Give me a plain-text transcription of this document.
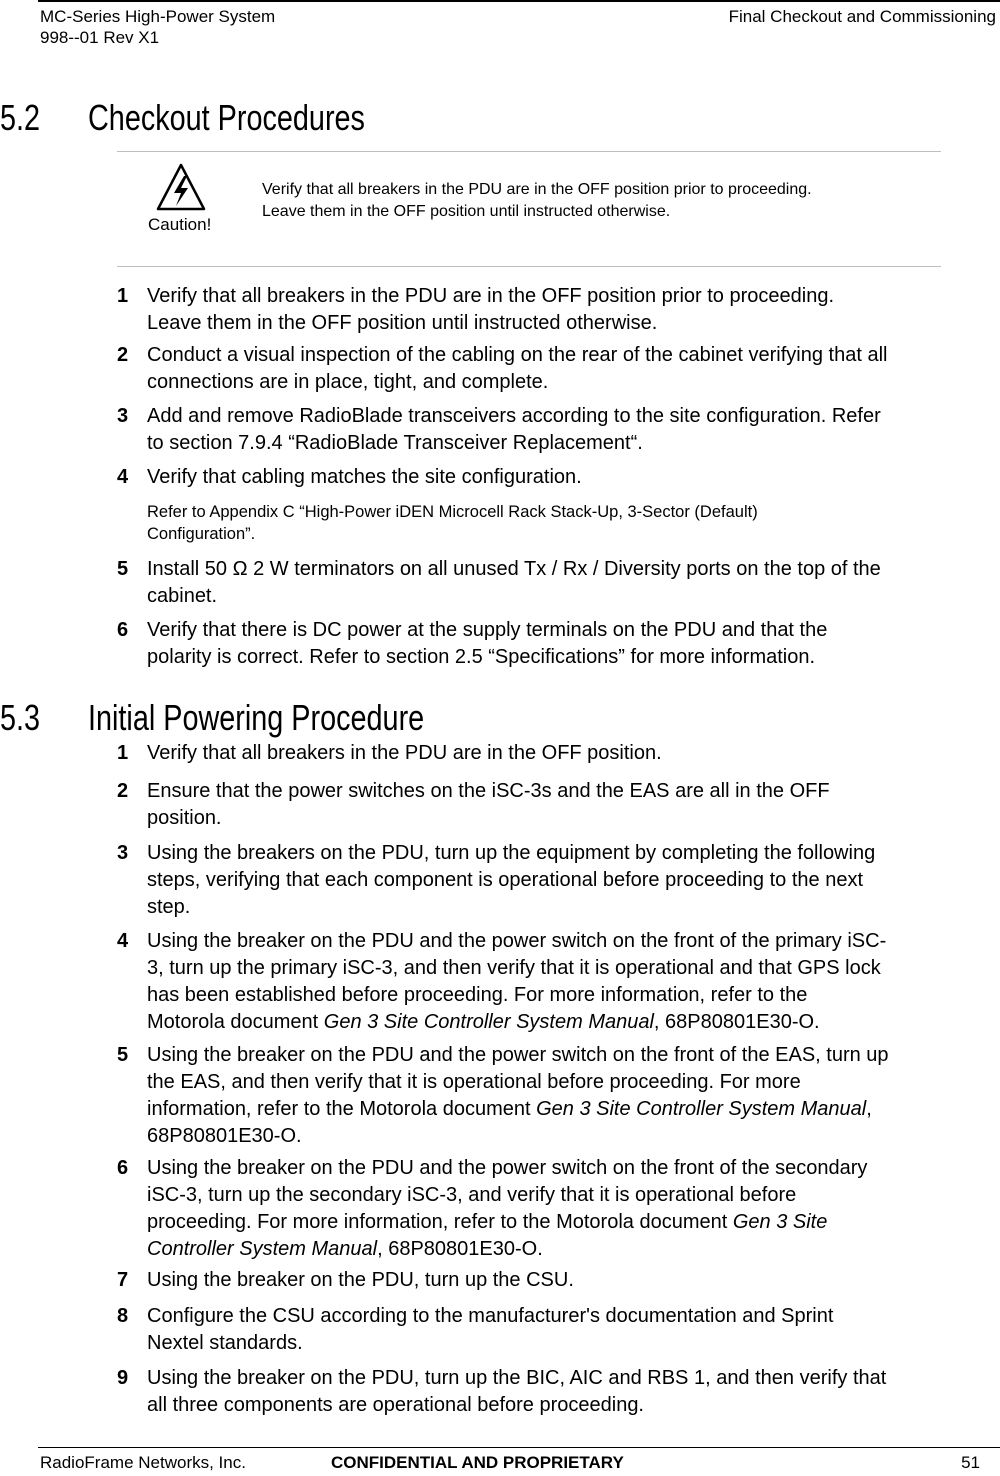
MC-Series High-Power System
998--01 Rev X1
Final Checkout and Commissioning
5.2 Checkout Procedures
Caution!
Verify that all breakers in the PDU are in the OFF position prior to proceeding.
Leave them in the OFF position until instructed otherwise.
1 Verify that all breakers in the PDU are in the OFF position prior to proceeding.
Leave them in the OFF position until instructed otherwise.
2 Conduct a visual inspection of the cabling on the rear of the cabinet verifying that all
connections are in place, tight, and complete.
3 Add and remove RadioBlade transceivers according to the site configuration. Refer
to section 7.9.4 “RadioBlade Transceiver Replacement“.
4 Verify that cabling matches the site configuration.
Refer to Appendix C “High-Power iDEN Microcell Rack Stack-Up, 3-Sector (Default)
Configuration”.
5 Install 50 Ω 2 W terminators on all unused Tx / Rx / Diversity ports on the top of the
cabinet.
6 Verify that there is DC power at the supply terminals on the PDU and that the
polarity is correct. Refer to section 2.5 “Specifications” for more information.
5.3 Initial Powering Procedure
1 Verify that all breakers in the PDU are in the OFF position.
2 Ensure that the power switches on the iSC-3s and the EAS are all in the OFF
position.
3 Using the breakers on the PDU, turn up the equipment by completing the following
steps, verifying that each component is operational before proceeding to the next
step.
4 Using the breaker on the PDU and the power switch on the front of the primary iSC-
3, turn up the primary iSC-3, and then verify that it is operational and that GPS lock
has been established before proceeding. For more information, refer to the
Motorola document Gen 3 Site Controller System Manual, 68P80801E30-O.
5 Using the breaker on the PDU and the power switch on the front of the EAS, turn up
the EAS, and then verify that it is operational before proceeding. For more
information, refer to the Motorola document Gen 3 Site Controller System Manual,
68P80801E30-O.
6 Using the breaker on the PDU and the power switch on the front of the secondary
iSC-3, turn up the secondary iSC-3, and verify that it is operational before
proceeding. For more information, refer to the Motorola document Gen 3 Site
Controller System Manual, 68P80801E30-O.
7 Using the breaker on the PDU, turn up the CSU.
8 Configure the CSU according to the manufacturer's documentation and Sprint
Nextel standards.
9 Using the breaker on the PDU, turn up the BIC, AIC and RBS 1, and then verify that
all three components are operational before proceeding.
RadioFrame Networks, Inc.	CONFIDENTIAL AND PROPRIETARY	51
